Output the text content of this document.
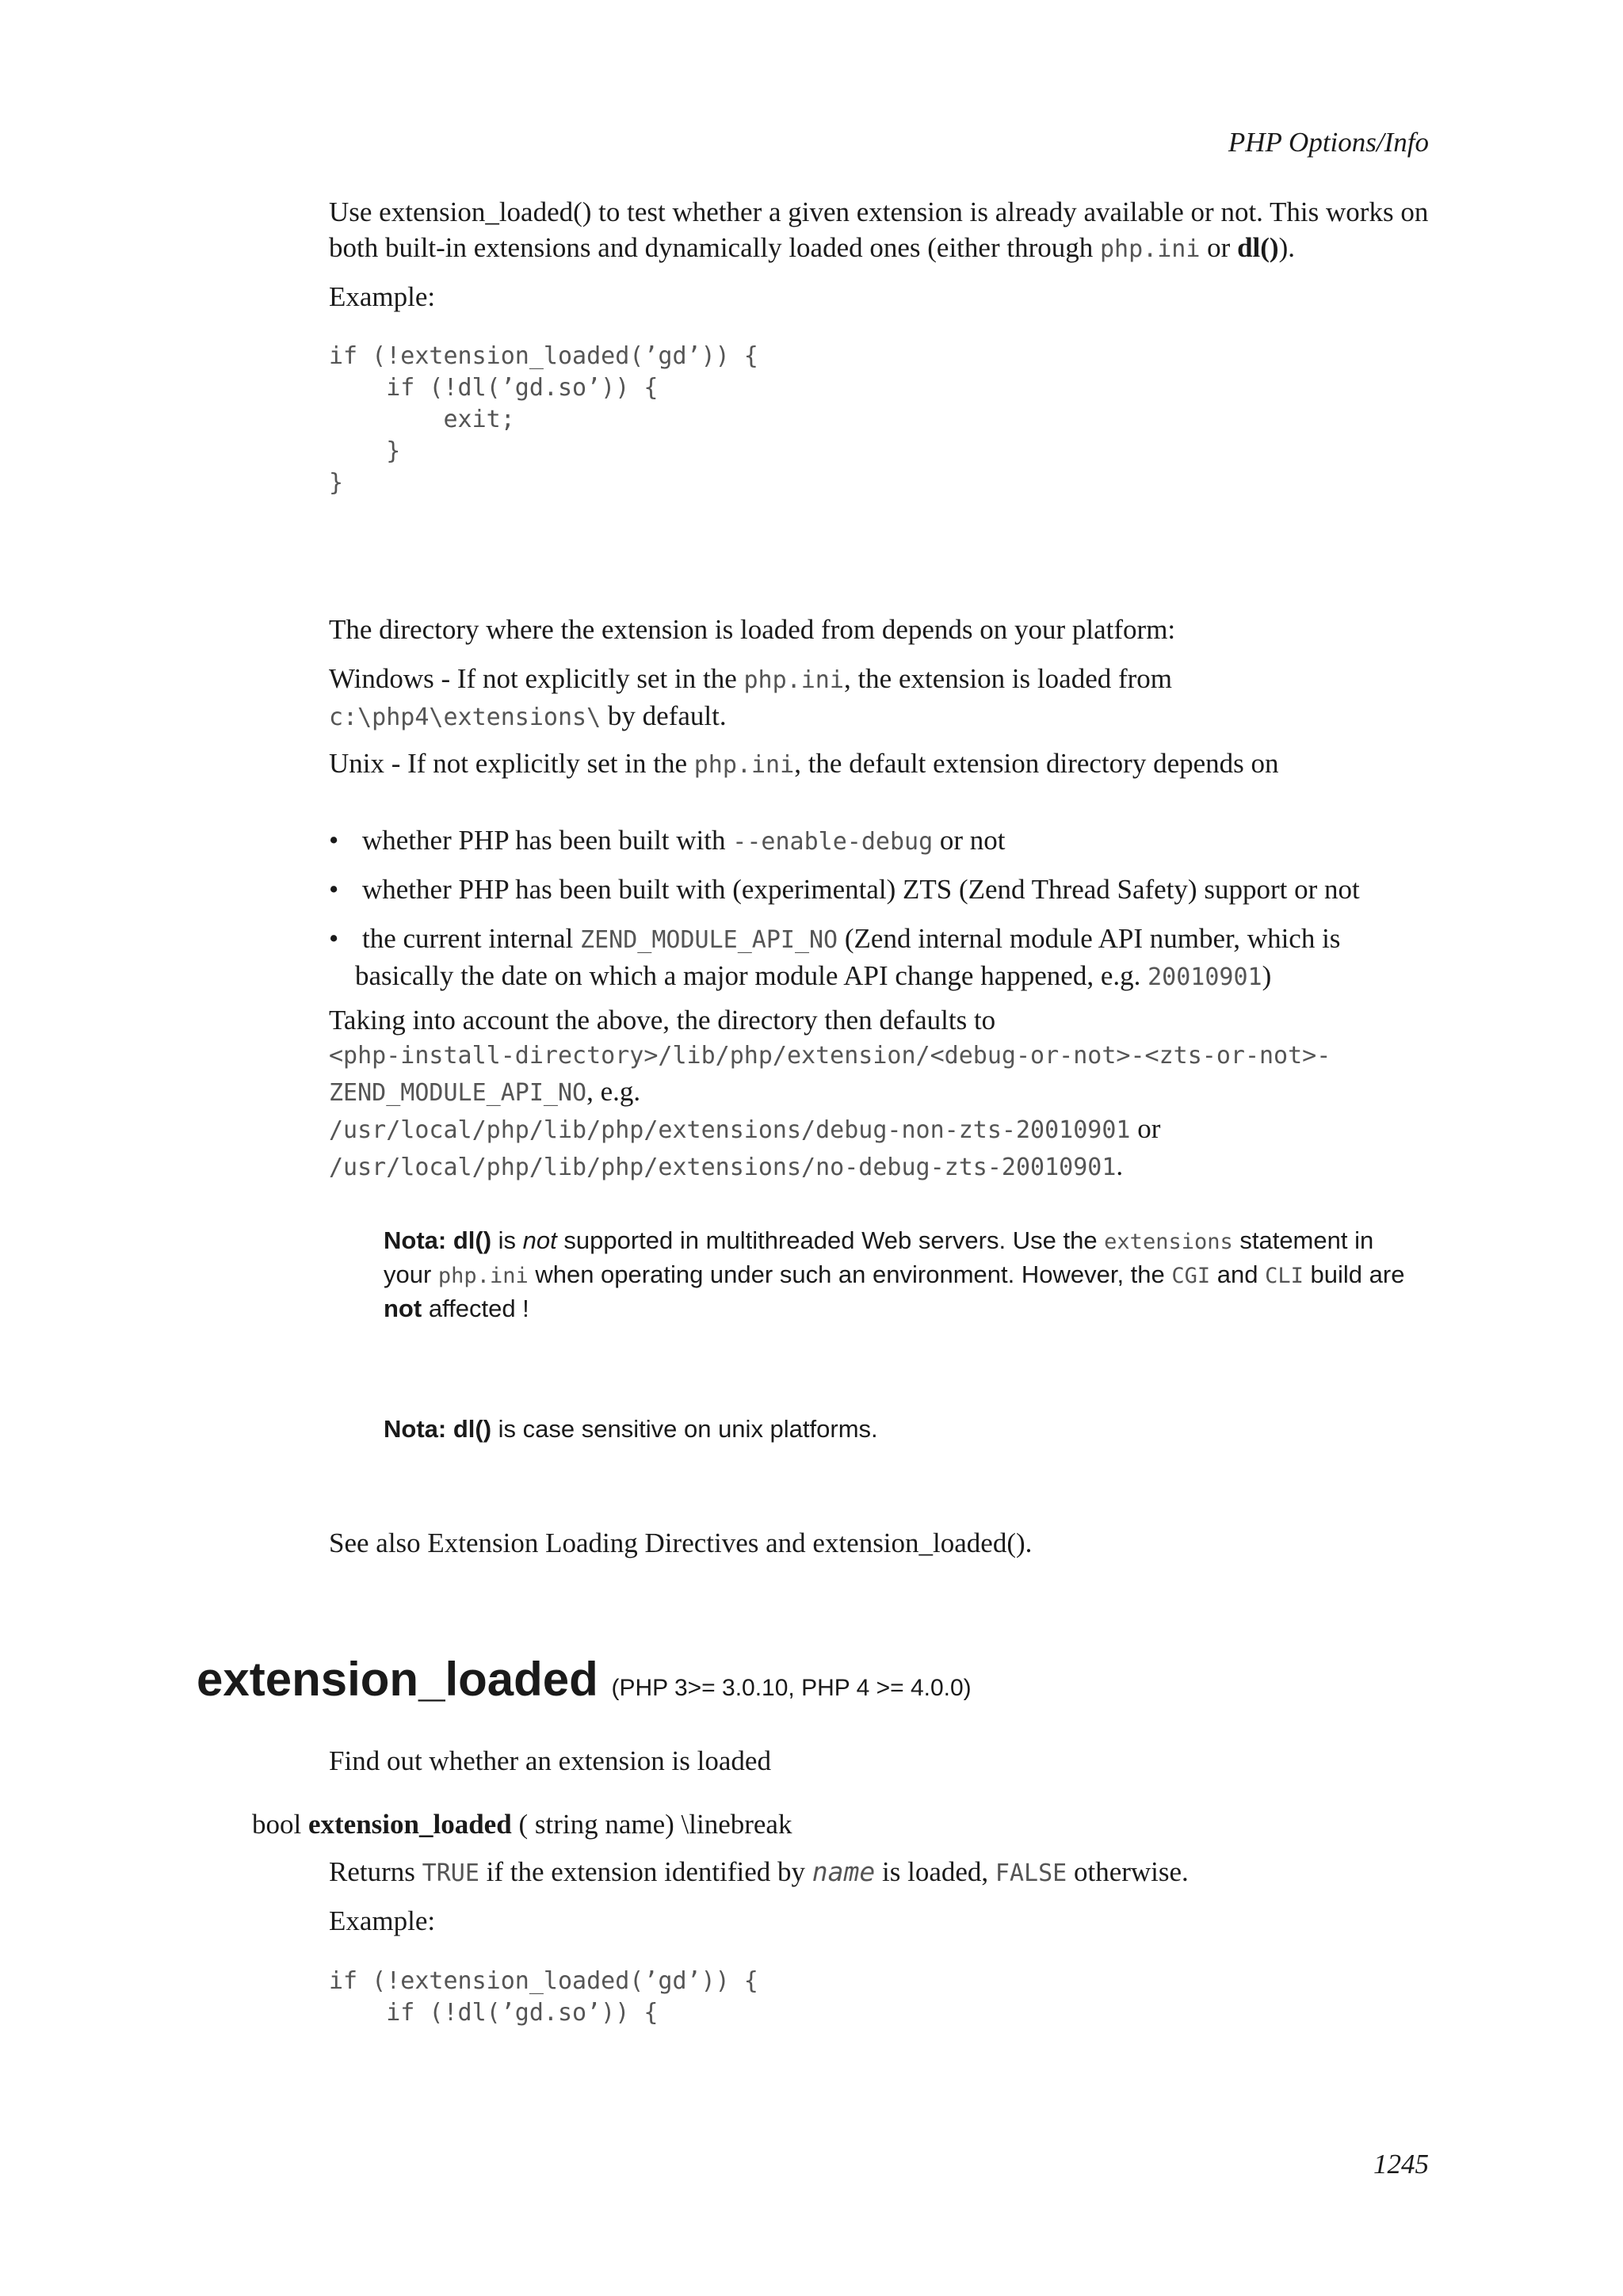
PHP Options/Info
Use extension_loaded() to test whether a given extension is already available or not. This works on
both built-in extensions and dynamically loaded ones (either through php.ini or dl()).
Example:
if (!extension_loaded(’gd’)) {
if (!dl(’gd.so’)) {
exit;
}
}
The directory where the extension is loaded from depends on your platform:
Windows - If not explicitly set in the php.ini, the extension is loaded from
c:\php4\extensions\ by default.
Unix - If not explicitly set in the php.ini, the default extension directory depends on
• whether PHP has been built with --enable-debug or not
• whether PHP has been built with (experimental) ZTS (Zend Thread Safety) support or not
• the current internal ZEND_MODULE_API_NO (Zend internal module API number, which is
basically the date on which a major module API change happened, e.g. 20010901)
Taking into account the above, the directory then defaults to
<php-install-directory>/lib/php/extension/<debug-or-not>-<zts-or-not>-
ZEND_MODULE_API_NO, e.g.
/usr/local/php/lib/php/extensions/debug-non-zts-20010901 or
/usr/local/php/lib/php/extensions/no-debug-zts-20010901.
Nota: dl() is not supported in multithreaded Web servers. Use the extensions statement in
your php.ini when operating under such an environment. However, the CGI and CLI build are
not affected !
Nota: dl() is case sensitive on unix platforms.
See also Extension Loading Directives and extension_loaded().
extension_loaded (PHP 3>= 3.0.10, PHP 4 >= 4.0.0)
Find out whether an extension is loaded
bool extension_loaded ( string name) \linebreak
Returns TRUE if the extension identified by name is loaded, FALSE otherwise.
Example:
if (!extension_loaded(’gd’)) {
if (!dl(’gd.so’)) {
1245
